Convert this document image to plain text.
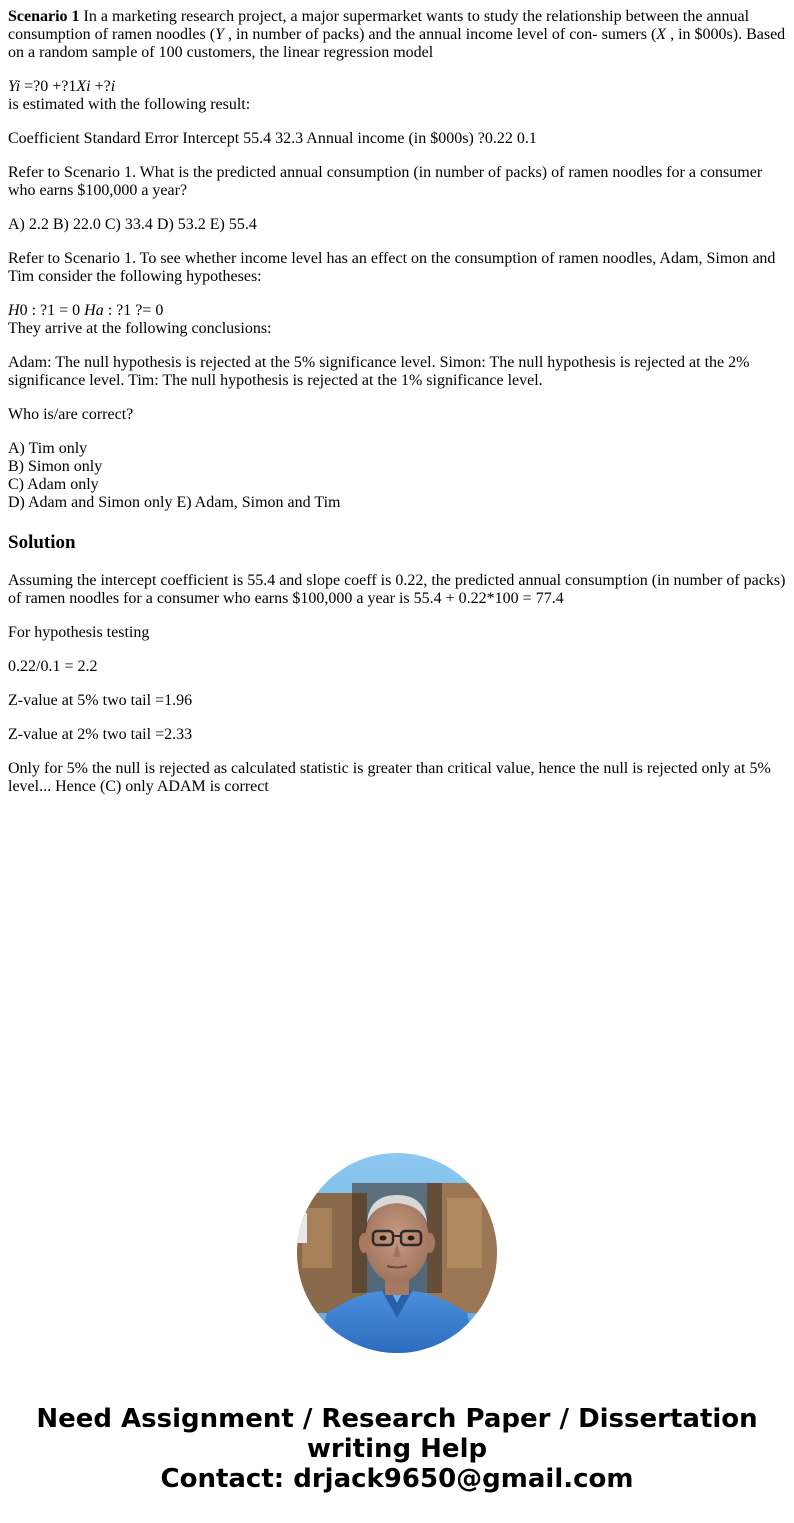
Scenario 1 In a marketing research project, a major supermarket wants to study the relationship between the annual consumption of ramen noodles (Y , in number of packs) and the annual income level of con- sumers (X , in $000s). Based on a random sample of 100 customers, the linear regression model

Yi =?0 +?1Xi +?i
is estimated with the following result:

Coefficient Standard Error Intercept 55.4 32.3 Annual income (in $000s) ?0.22 0.1

Refer to Scenario 1. What is the predicted annual consumption (in number of packs) of ramen noodles for a consumer who earns $100,000 a year?

A) 2.2 B) 22.0 C) 33.4 D) 53.2 E) 55.4

Refer to Scenario 1. To see whether income level has an effect on the consumption of ramen noodles, Adam, Simon and Tim consider the following hypotheses:

H0 : ?1 = 0 Ha : ?1 ?= 0
They arrive at the following conclusions:

Adam: The null hypothesis is rejected at the 5% significance level. Simon: The null hypothesis is rejected at the 2% significance level. Tim: The null hypothesis is rejected at the 1% significance level.

Who is/are correct?

A) Tim only
B) Simon only
C) Adam only
D) Adam and Simon only E) Adam, Simon and Tim

Solution

Assuming the intercept coefficient is 55.4 and slope coeff is 0.22, the predicted annual consumption (in number of packs) of ramen noodles for a consumer who earns $100,000 a year is 55.4 + 0.22*100 = 77.4

For hypothesis testing

0.22/0.1 = 2.2

Z-value at 5% two tail =1.96

Z-value at 2% two tail =2.33

Only for 5% the null is rejected as calculated statistic is greater than critical value, hence the null is rejected only at 5% level... Hence (C) only ADAM is correct

Need Assignment / Research Paper / Dissertation
writing Help
Contact: drjack9650@gmail.com
